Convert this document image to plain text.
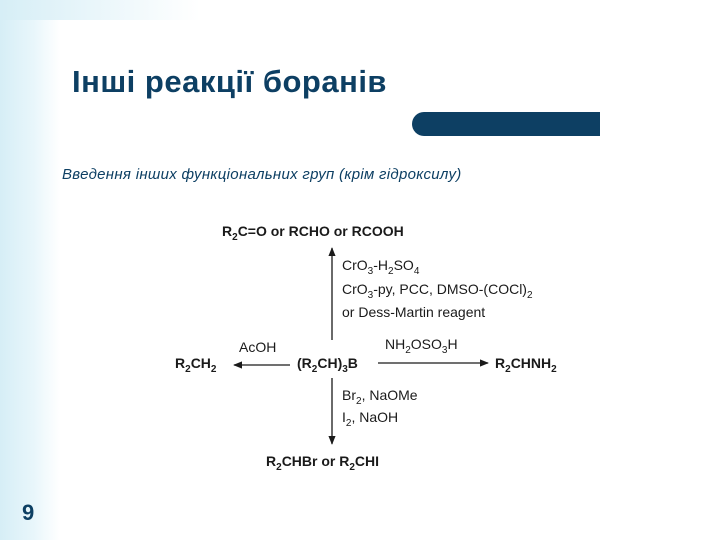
Інші реакції боранів
Введення інших функціональних груп (крім гідроксилу)
$R_2C=O$ or RCHO or RCOOH
$CrO_3-H_2SO_4$
CrO$_3$-py, PCC, DMSO-$(COCl)_2$
or Dess-Martin reagent
$(R_2CH)_3B$
AcOH
$R_2CH_2$
$NH_2OSO_3H$
$R_2CHNH_2$
$Br_2$, NaOMe
$I_2$, NaOH
$R_2CHBr$ or $R_2CHI$
9
